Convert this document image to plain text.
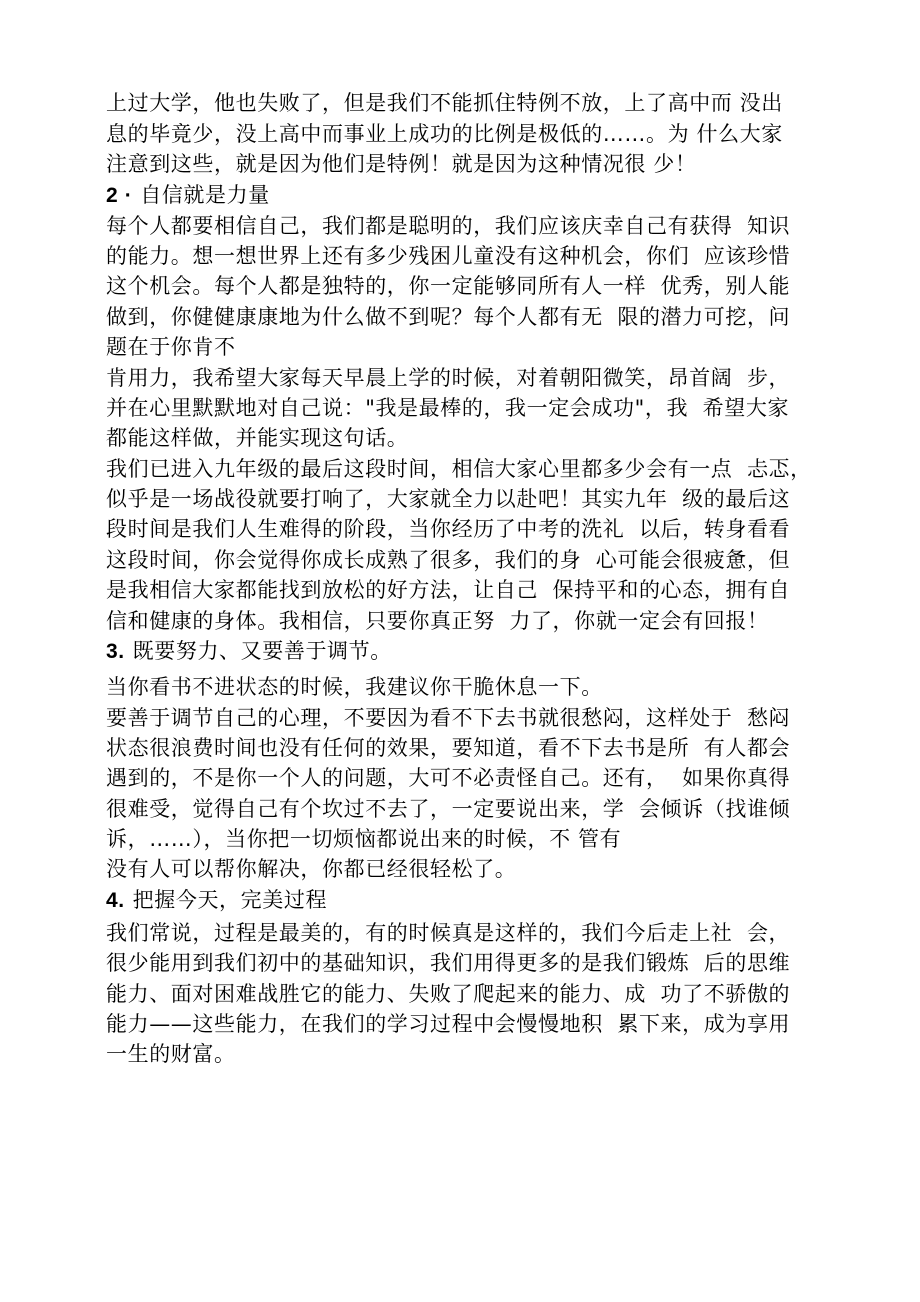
上过大学，他也失败了，但是我们不能抓住特例不放，上了高中而 没出
息的毕竟少，没上高中而事业上成功的比例是极低的……。为 什么大家
注意到这些，就是因为他们是特例！就是因为这种情况很 少！
2 · 自信就是力量
每个人都要相信自己，我们都是聪明的，我们应该庆幸自己有获得  知识
的能力。想一想世界上还有多少残困儿童没有这种机会，你们  应该珍惜
这个机会。每个人都是独特的，你一定能够同所有人一样  优秀，别人能
做到，你健健康康地为什么做不到呢？每个人都有无  限的潜力可挖，问
题在于你肯不
肯用力，我希望大家每天早晨上学的时候，对着朝阳微笑，昂首阔  步，
并在心里默默地对自己说："我是最棒的，我一定会成功"，我  希望大家
都能这样做，并能实现这句话。
我们已进入九年级的最后这段时间，相信大家心里都多少会有一点  忐忑，
似乎是一场战役就要打响了，大家就全力以赴吧！其实九年  级的最后这
段时间是我们人生难得的阶段，当你经历了中考的洗礼  以后，转身看看
这段时间，你会觉得你成长成熟了很多，我们的身  心可能会很疲惫，但
是我相信大家都能找到放松的好方法，让自己  保持平和的心态，拥有自
信和健康的身体。我相信，只要你真正努  力了，你就一定会有回报！
3. 既要努力、又要善于调节。
当你看书不进状态的时候，我建议你干脆休息一下。
要善于调节自己的心理，不要因为看不下去书就很愁闷，这样处于  愁闷
状态很浪费时间也没有任何的效果，要知道，看不下去书是所  有人都会
遇到的，不是你一个人的问题，大可不必责怪自己。还有，  如果你真得
很难受，觉得自己有个坎过不去了，一定要说出来，学  会倾诉（找谁倾
诉，……），当你把一切烦恼都说出来的时候，不 管有
没有人可以帮你解决，你都已经很轻松了。
4. 把握今天，完美过程
我们常说，过程是最美的，有的时候真是这样的，我们今后走上社  会，
很少能用到我们初中的基础知识，我们用得更多的是我们锻炼  后的思维
能力、面对困难战胜它的能力、失败了爬起来的能力、成  功了不骄傲的
能力——这些能力，在我们的学习过程中会慢慢地积  累下来，成为享用
一生的财富。
